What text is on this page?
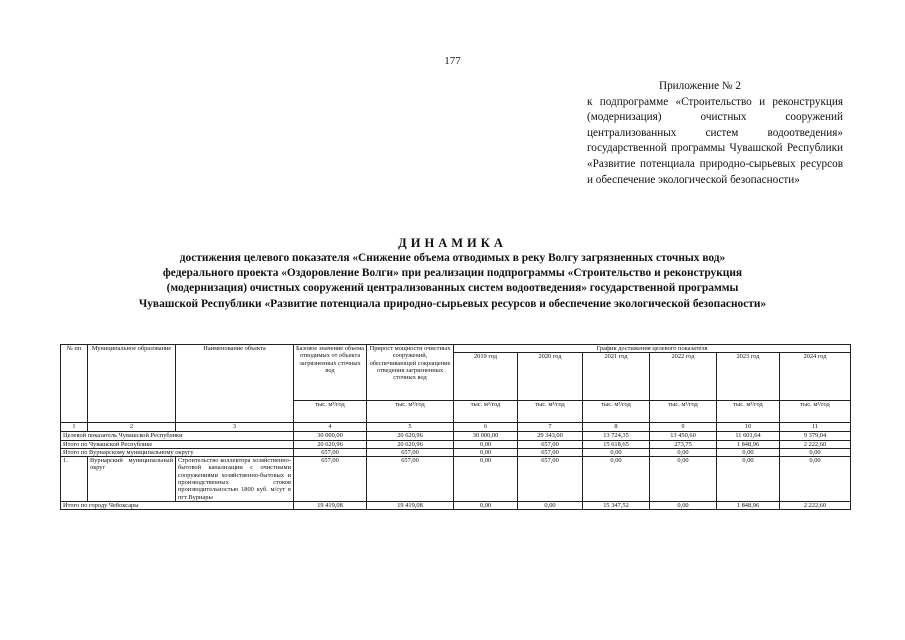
177
Приложение № 2
к подпрограмме «Строительство и реконструкция (модернизация) очистных сооружений централизованных систем водоотведения» государственной программы Чувашской Республики «Развитие потенциала природно-сырьевых ресурсов и обеспечение экологической безопасности»
ДИНАМИКА
достижения целевого показателя «Снижение объема отводимых в реку Волгу загрязненных сточных вод»
федерального проекта «Оздоровление Волги» при реализации подпрограммы «Строительство и реконструкция
(модернизация) очистных сооружений централизованных систем водоотведения» государственной программы
Чувашской Республики «Развитие потенциала природно-сырьевых ресурсов и обеспечение экологической безопасности»
№ пп	Муниципальное образование	Наименование объекта	Базовое значение объема отводимых от объекта загрязненных сточных вод	Прирост мощности очистных сооружений, обеспечивающей сокращение отведения загрязненных сточных вод	График достижения целевого показателя					
					2019 год	2020 год	2021 год	2022 год	2023 год	2024 год
			тыс. м³/год	тыс. м³/год	тыс. м³/год	тыс. м³/год	тыс. м³/год	тыс. м³/год	тыс. м³/год	тыс. м³/год
1	2	3	4	5	6	7	8	9	10	11
Целевой показатель Чувашской Республики			30 000,00	20 620,96	30 000,00	29 343,00	13 724,35	13 450,60	11 601,64	9 379,04
Итого по Чувашской Республике			20 620,96	20 620,96	0,00	657,00	15 618,65	273,75	1 848,96	2 222,60
Итого по Вурнарскому муниципальному округу			657,00	657,00	0,00	657,00	0,00	0,00	0,00	0,00
1.	Вурнарский муниципальный округ	Строительство коллектора хозяйственно-бытовой канализации с очистными сооружениями хозяйственно-бытовых и производственных стоков производительностью 1800 куб. м/сут в пгт Вурнары	657,00	657,00	0,00	657,00	0,00	0,00	0,00	0,00
Итого по городу Чебоксары			19 419,08	19 419,08	0,00	0,00	15 347,52	0,00	1 848,96	2 222,60
